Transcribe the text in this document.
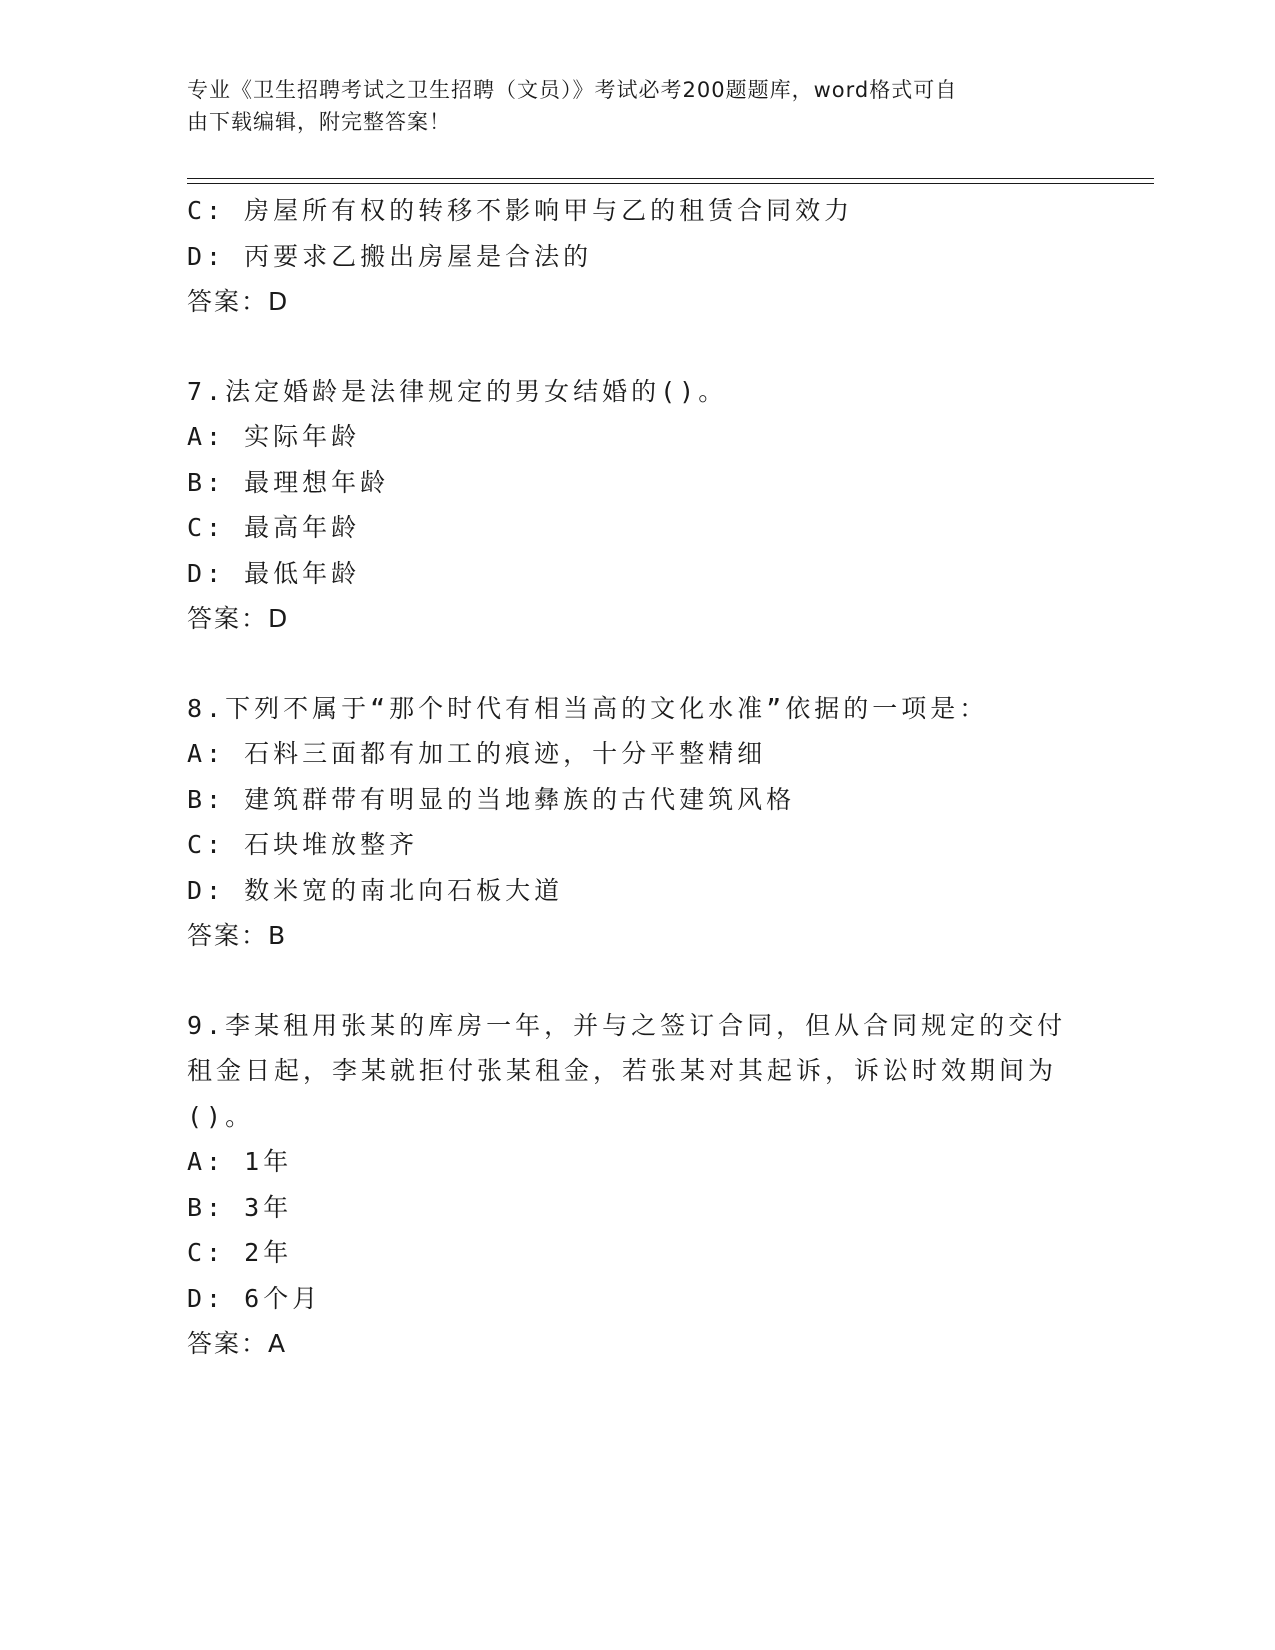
专业《卫生招聘考试之卫生招聘（文员）》考试必考200题题库，word格式可自
由下载编辑，附完整答案！
C: 房屋所有权的转移不影响甲与乙的租赁合同效力
D: 丙要求乙搬出房屋是合法的
答案：D
7.法定婚龄是法律规定的男女结婚的()。
A: 实际年龄
B: 最理想年龄
C: 最高年龄
D: 最低年龄
答案：D
8.下列不属于“那个时代有相当高的文化水准”依据的一项是：
A: 石料三面都有加工的痕迹，十分平整精细
B: 建筑群带有明显的当地彝族的古代建筑风格
C: 石块堆放整齐
D: 数米宽的南北向石板大道
答案：B
9.李某租用张某的库房一年，并与之签订合同，但从合同规定的交付
租金日起，李某就拒付张某租金，若张某对其起诉，诉讼时效期间为
()。
A: 1年
B: 3年
C: 2年
D: 6个月
答案：A
